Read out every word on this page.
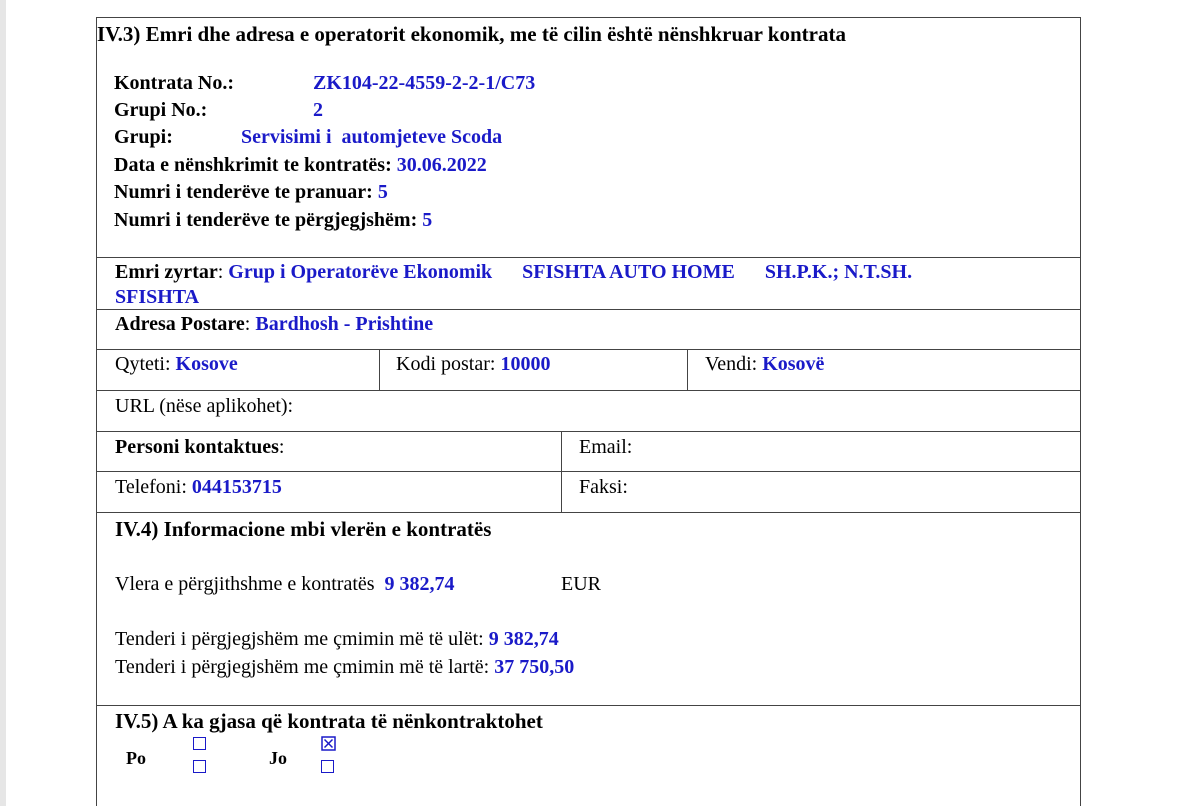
IV.3) Emri dhe adresa e operatorit ekonomik, me të cilin është nënshkruar kontrata
Kontrata No.:	ZK104-22-4559-2-2-1/C73
Grupi No.:	2
Grupi:	Servisimi i  automjeteve Scoda
Data e nënshkrimit te kontratës: 30.06.2022
Numri i tenderëve te pranuar: 5
Numri i tenderëve te përgjegjshëm: 5
Emri zyrtar: Grup i Operatorëve Ekonomik      SFISHTA AUTO HOME      SH.P.K.; N.T.SH.
SFISHTA
Adresa Postare: Bardhosh - Prishtine
Qyteti: Kosove	Kodi postar: 10000	Vendi: Kosovë
URL (nëse aplikohet):
Personi kontaktues:	Email:
Telefoni: 044153715	Faksi:
IV.4) Informacione mbi vlerën e kontratës
Vlera e përgjithshme e kontratës 9 382,74	EUR
Tenderi i përgjegjshëm me çmimin më të ulët: 9 382,74
Tenderi i përgjegjshëm me çmimin më të lartë: 37 750,50
IV.5) A ka gjasa që kontrata të nënkontraktohet
Po	Jo
